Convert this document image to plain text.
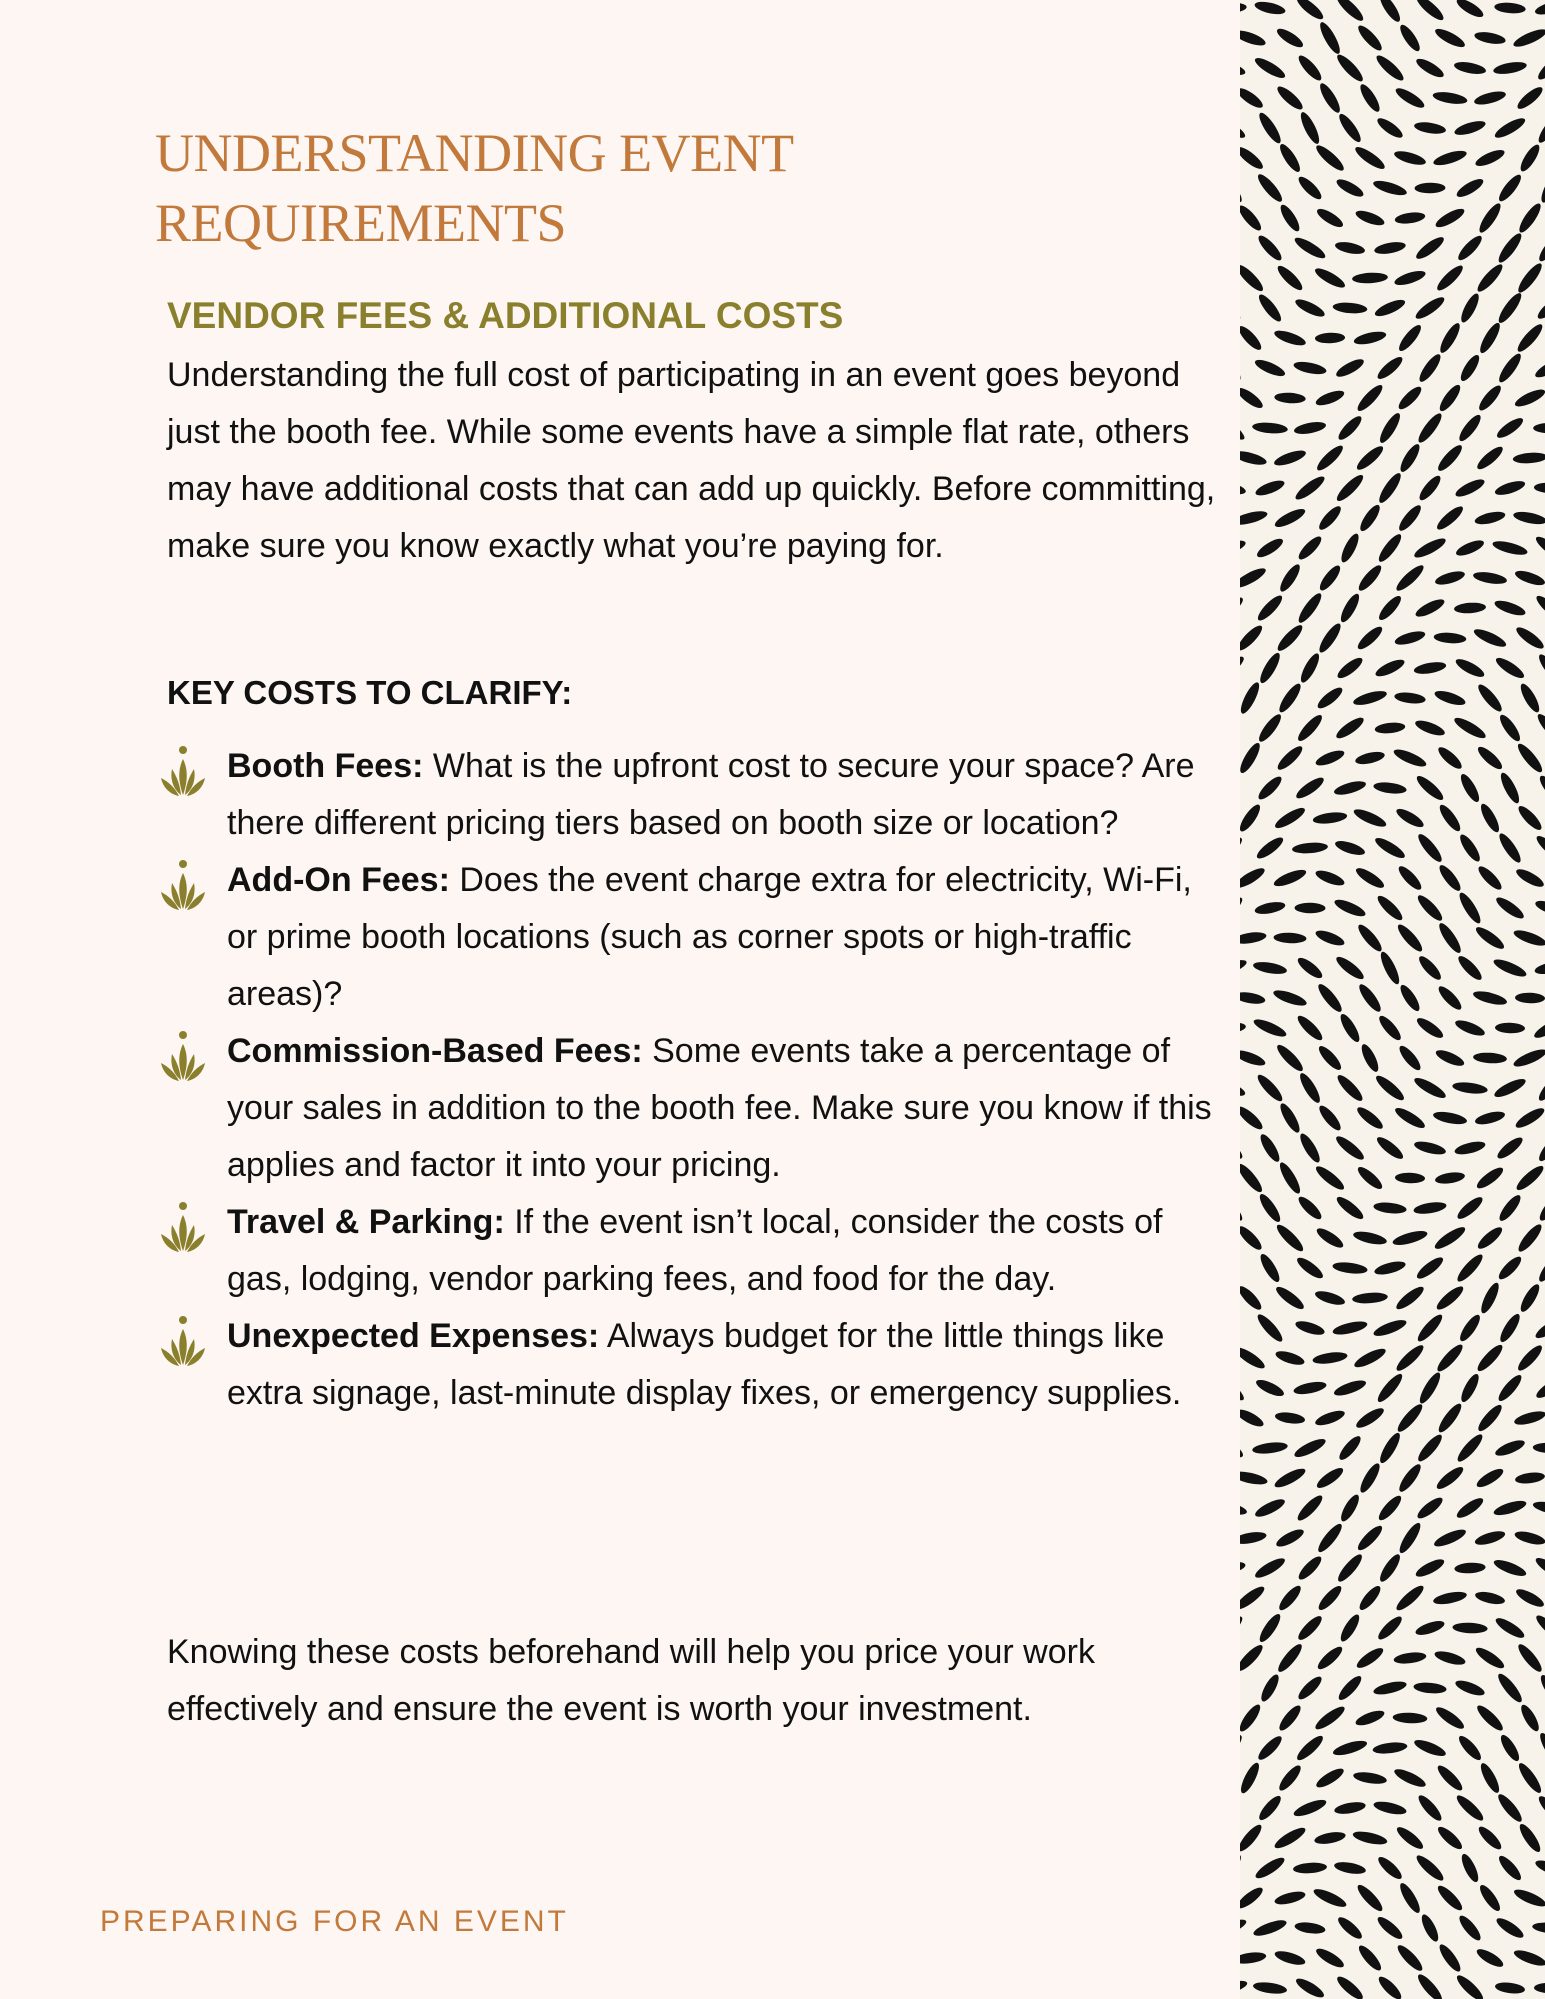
UNDERSTANDING EVENT
REQUIREMENTS
VENDOR FEES & ADDITIONAL COSTS

Understanding the full cost of participating in an event goes beyond just the booth fee. While some events have a simple flat rate, others may have additional costs that can add up quickly. Before committing, make sure you know exactly what you’re paying for.

KEY COSTS TO CLARIFY:
Booth Fees: What is the upfront cost to secure your space? Are there different pricing tiers based on booth size or location?
Add-On Fees: Does the event charge extra for electricity, Wi-Fi, or prime booth locations (such as corner spots or high-traffic areas)?
Commission-Based Fees: Some events take a percentage of your sales in addition to the booth fee. Make sure you know if this applies and factor it into your pricing.
Travel & Parking: If the event isn’t local, consider the costs of gas, lodging, vendor parking fees, and food for the day.
Unexpected Expenses: Always budget for the little things like extra signage, last-minute display fixes, or emergency supplies.

Knowing these costs beforehand will help you price your work effectively and ensure the event is worth your investment.

PREPARING FOR AN EVENT
